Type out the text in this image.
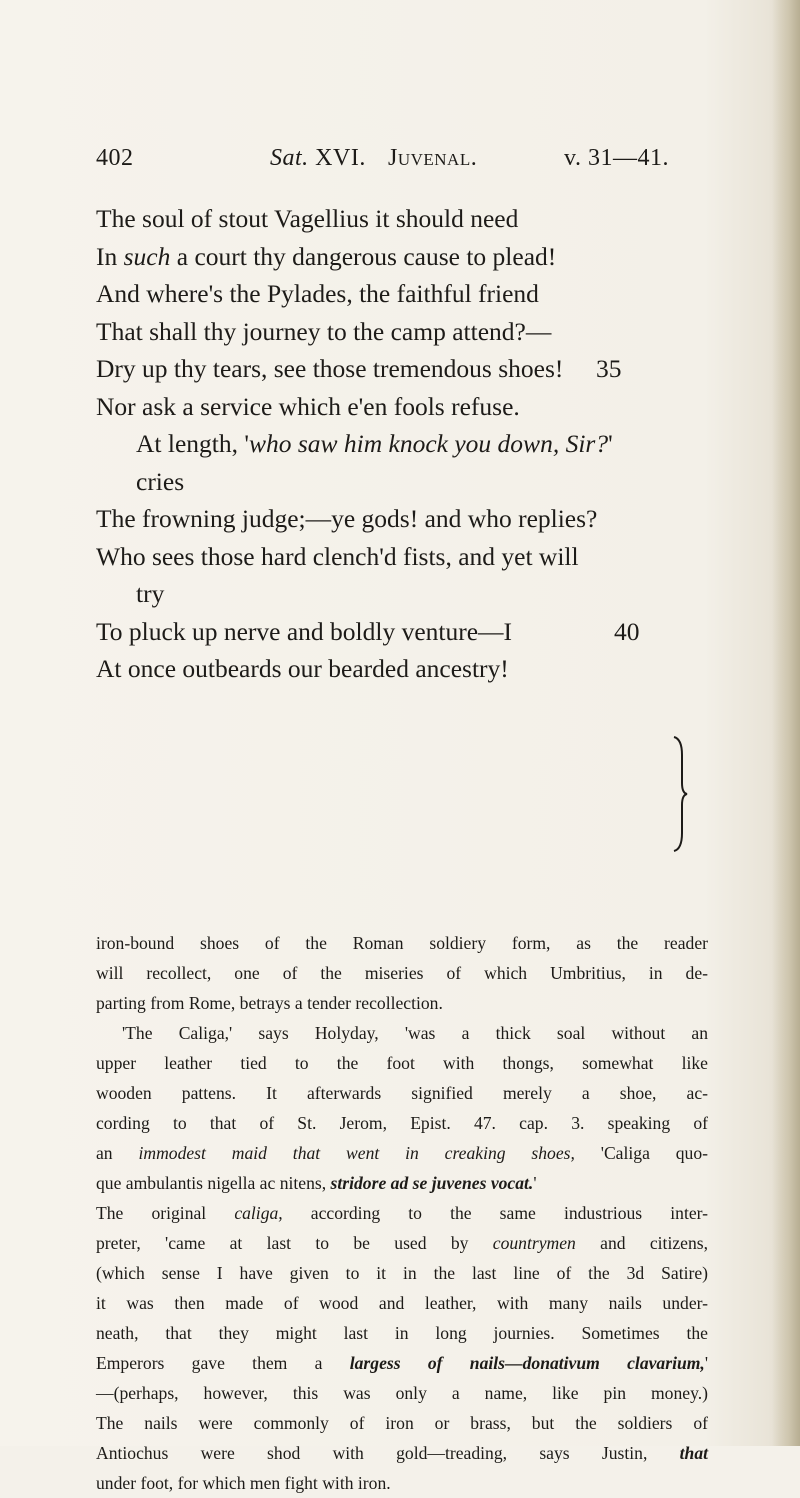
402	Sat. XVI. Juvenal.	v. 31—41.
The soul of stout Vagellius it should need
In such a court thy dangerous cause to plead!
And where's the Pylades, the faithful friend
That shall thy journey to the camp attend?—
Dry up thy tears, see those tremendous shoes! 35
Nor ask a service which e'en fools refuse.
At length, 'who saw him knock you down, Sir?'
cries
The frowning judge;—ye gods! and who replies?
Who sees those hard clench'd fists, and yet will
try
To pluck up nerve and boldly venture—I	40
At once outbeards our bearded ancestry!
iron-bound shoes of the Roman soldiery form, as the reader
will recollect, one of the miseries of which Umbritius, in de-
parting from Rome, betrays a tender recollection.
'The Caliga,' says Holyday, 'was a thick soal without an
upper leather tied to the foot with thongs, somewhat like
wooden pattens. It afterwards signified merely a shoe, ac-
cording to that of St. Jerom, Epist. 47. cap. 3. speaking of
an immodest maid that went in creaking shoes, 'Caliga quo-
que ambulantis nigella ac nitens, stridore ad se juvenes vocat.'
The original caliga, according to the same industrious inter-
preter, 'came at last to be used by countrymen and citizens,
(which sense I have given to it in the last line of the 3d Satire)
it was then made of wood and leather, with many nails under-
neath, that they might last in long journies. Sometimes the
Emperors gave them a largess of nails—donativum clavarium,'
—(perhaps, however, this was only a name, like pin money.)
The nails were commonly of iron or brass, but the soldiers of
Antiochus were shod with gold—treading, says Justin, that
under foot, for which men fight with iron.
